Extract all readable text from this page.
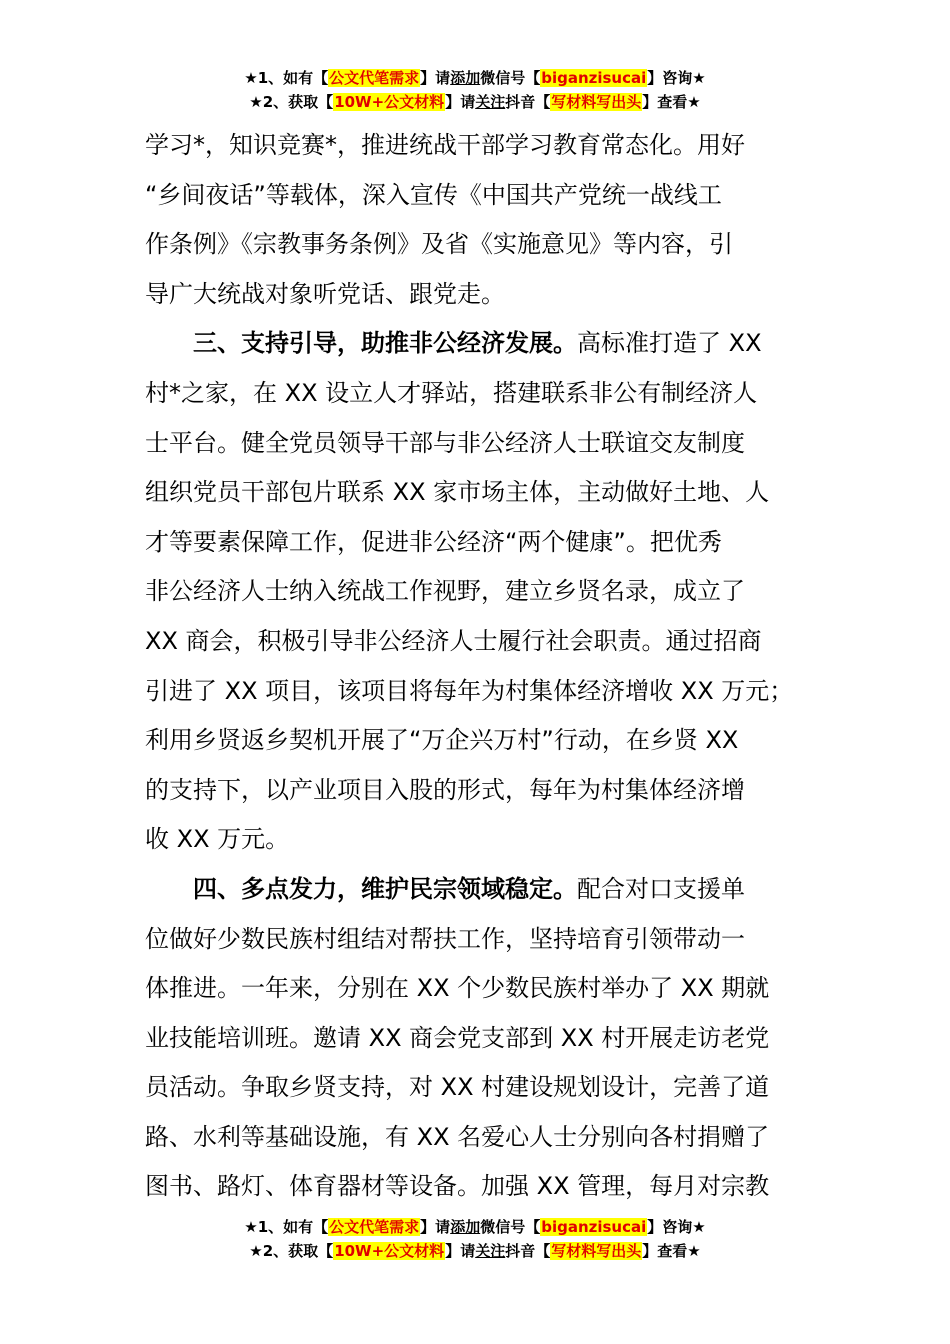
★1、如有【公文代笔需求】请添加微信号【biganzisucai】咨询★
★2、获取【10W+公文材料】请关注抖音【写材料写出头】查看★
学习*，知识竞赛*，推进统战干部学习教育常态化。用好
“乡间夜话”等载体，深入宣传《中国共产党统一战线工
作条例》《宗教事务条例》及省《实施意见》等内容，引
导广大统战对象听党话、跟党走。
三、支持引导，助推非公经济发展。高标准打造了 XX
村*之家，在 XX 设立人才驿站，搭建联系非公有制经济人
士平台。健全党员领导干部与非公经济人士联谊交友制度
组织党员干部包片联系 XX 家市场主体，主动做好土地、人
才等要素保障工作，促进非公经济“两个健康”。把优秀
非公经济人士纳入统战工作视野，建立乡贤名录，成立了
XX 商会，积极引导非公经济人士履行社会职责。通过招商
引进了 XX 项目，该项目将每年为村集体经济增收 XX 万元；
利用乡贤返乡契机开展了“万企兴万村”行动，在乡贤 XX
的支持下，以产业项目入股的形式，每年为村集体经济增
收 XX 万元。
四、多点发力，维护民宗领域稳定。配合对口支援单
位做好少数民族村组结对帮扶工作，坚持培育引领带动一
体推进。一年来，分别在 XX 个少数民族村举办了 XX 期就
业技能培训班。邀请 XX 商会党支部到 XX 村开展走访老党
员活动。争取乡贤支持，对 XX 村建设规划设计，完善了道
路、水利等基础设施，有 XX 名爱心人士分别向各村捐赠了
图书、路灯、体育器材等设备。加强 XX 管理，每月对宗教
★1、如有【公文代笔需求】请添加微信号【biganzisucai】咨询★
★2、获取【10W+公文材料】请关注抖音【写材料写出头】查看★
